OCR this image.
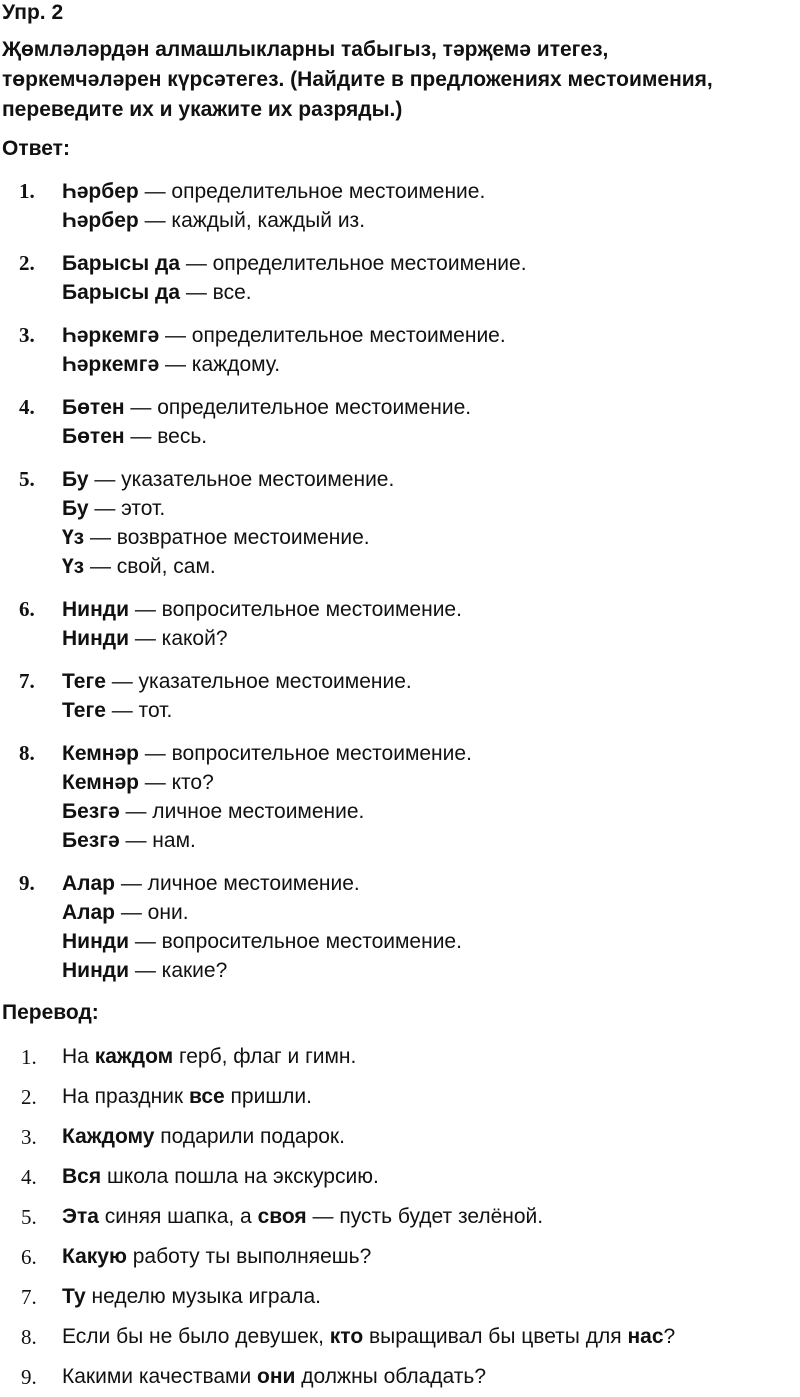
Упр. 2
Җөмләләрдән алмашлыкларны табыгыз, тәрҗемә итегез,
төркемчәләрен күрсәтегез. (Найдите в предложениях местоимения,
переведите их и укажите их разряды.)
Ответ:
1. Һәрбер — определительное местоимение.
Һәрбер — каждый, каждый из.
2. Барысы да — определительное местоимение.
Барысы да — все.
3. Һәркемгә — определительное местоимение.
Һәркемгә — каждому.
4. Бөтен — определительное местоимение.
Бөтен — весь.
5. Бу — указательное местоимение.
Бу — этот.
Үз — возвратное местоимение.
Үз — свой, сам.
6. Нинди — вопросительное местоимение.
Нинди — какой?
7. Теге — указательное местоимение.
Теге — тот.
8. Кемнәр — вопросительное местоимение.
Кемнәр — кто?
Безгә — личное местоимение.
Безгә — нам.
9. Алар — личное местоимение.
Алар — они.
Нинди — вопросительное местоимение.
Нинди — какие?
Перевод:
1. На каждом герб, флаг и гимн.
2. На праздник все пришли.
3. Каждому подарили подарок.
4. Вся школа пошла на экскурсию.
5. Эта синяя шапка, а своя — пусть будет зелёной.
6. Какую работу ты выполняешь?
7. Ту неделю музыка играла.
8. Если бы не было девушек, кто выращивал бы цветы для нас?
9. Какими качествами они должны обладать?
